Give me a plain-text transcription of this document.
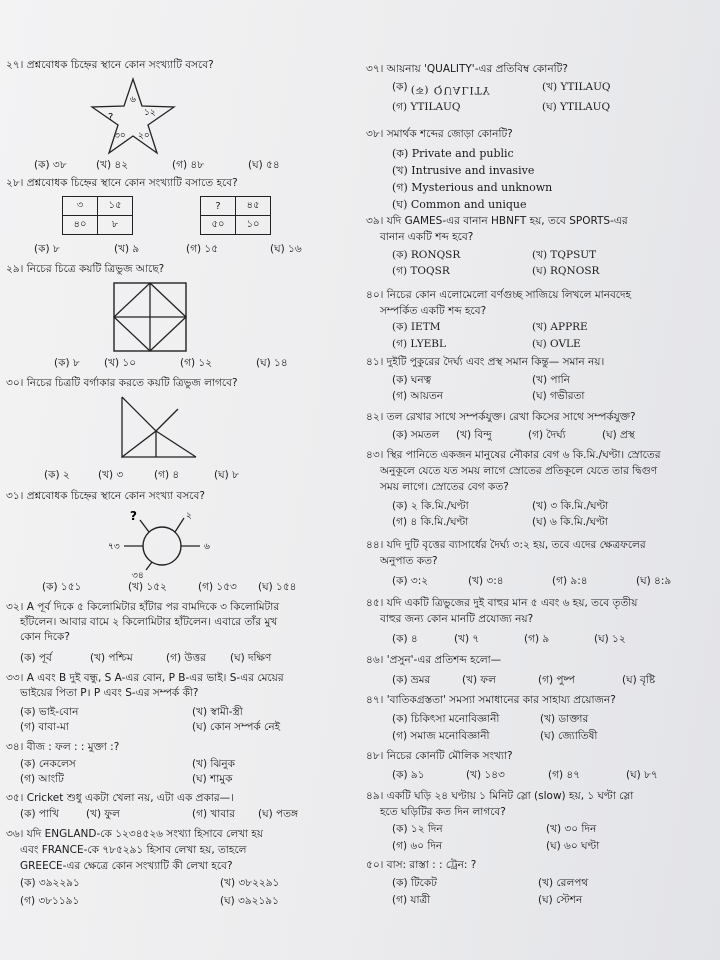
২৭। প্রশ্নবোধক চিহ্নের স্থানে কোন সংখ্যাটি বসবে?
৬
১২
?
৩০ ২০
(ক) ৩৮	(খ) ৪২	(গ) ৪৮	(ঘ) ৫৪
২৮। প্রশ্নবোধক চিহ্নের স্থানে কোন সংখ্যাটি বসাতে হবে?
৩	১৫
৪০	৮
?	৪৫
৫০	১০
(ক) ৮	(খ) ৯	(গ) ১৫	(ঘ) ১৬
২৯। নিচের চিত্রে কয়টি ত্রিভুজ আছে?
(ক) ৮ (খ) ১০	(গ) ১২	(ঘ) ১৪
৩০। নিচের চিত্রটি বর্গাকার করতে কয়টি ত্রিভুজ লাগবে?
(ক) ২	(খ) ৩	(গ) ৪	(ঘ) ৮
৩১। প্রশ্নবোধক চিহ্নের স্থানে কোন সংখ্যা বসবে?
?	২
৬
৭৩
৩৪
(ক) ১৫১	(খ) ১৫২	(গ) ১৫৩ (ঘ) ১৫৪
৩২। A পূর্ব দিকে ৫ কিলোমিটার হাঁটার পর বামদিকে ৩ কিলোমিটার
হাঁটলেন। আবার বামে ২ কিলোমিটার হাঁটলেন। এবারে তাঁর মুখ
কোন দিকে?
(ক) পূর্ব	(খ) পশ্চিম	(গ) উত্তর (ঘ) দক্ষিণ
৩৩। A এবং B দুই বন্ধু, S A-এর বোন, P B-এর ভাই। S-এর মেয়ের
ভাইয়ের পিতা P। P এবং S-এর সম্পর্ক কী?
(ক) ভাই-বোন	(খ) স্বামী-স্ত্রী
(গ) বাবা-মা	(ঘ) কোন সম্পর্ক নেই
৩৪। বীজ : ফল : : মুক্তা :?
(ক) নেকলেস	(খ) ঝিনুক
(গ) আংটি	(ঘ) শামুক
৩৫। Cricket শুধু একটা খেলা নয়, এটা এক প্রকার—।
(ক) পাখি	(খ) ফুল	(গ) খাবার (ঘ) পতঙ্গ
৩৬। যদি ENGLAND-কে ১২৩৪৫২৬ সংখ্যা হিসাবে লেখা হয়
এবং FRANCE-কে ৭৮৫২৯১ হিসাব লেখা হয়, তাহলে
GREECE-এর ক্ষেত্রে কোন সংখ্যাটি কী লেখা হবে?
(ক) ৩৯২২৯১	(খ) ৩৮২২৯১
(গ) ৩৮১১৯১	(ঘ) ৩৯২১৯১
৩৭। আয়নায় 'QUALITY'-এর প্রতিবিম্ব কোনটি?
(ক) (ক) QUALITY	(খ) YTILAUQ
(গ) YTILAUQ	(ঘ) YTILAUQ
৩৮। সমার্থক শব্দের জোড়া কোনটি?
(ক) Private and public
(খ) Intrusive and invasive
(গ) Mysterious and unknown
(ঘ) Common and unique
৩৯। যদি GAMES-এর বানান HBNFT হয়, তবে SPORTS-এর
বানান একটি শব্দ হবে?
(ক) RONQSR	(খ) TQPSUT
(গ) TOQSR	(ঘ) RQNOSR
৪০। নিচের কোন এলোমেলো বর্ণগুচ্ছ সাজিয়ে লিখলে মানবদেহ
সম্পর্কিত একটি শব্দ হবে?
(ক) IETM	(খ) APPRE
(গ) LYEBL	(ঘ) OVLE
৪১। দুইটি পুকুরের দৈর্ঘ্য এবং প্রস্থ সমান কিন্তু— সমান নয়।
(ক) ঘনত্ব	(খ) পানি
(গ) আয়তন	(ঘ) গভীরতা
৪২। তল রেখার সাথে সম্পর্কযুক্ত। রেখা কিসের সাথে সম্পর্কযুক্ত?
(ক) সমতল (খ) বিন্দু	(গ) দৈর্ঘ্য	(ঘ) প্রস্থ
৪৩। স্থির পানিতে একজন মানুষের নৌকার বেগ ৬ কি.মি./ঘণ্টা। স্রোতের
অনুকূলে যেতে যত সময় লাগে স্রোতের প্রতিকূলে যেতে তার দ্বিগুণ
সময় লাগে। স্রোতের বেগ কত?
(ক) ২ কি.মি./ঘণ্টা	(খ) ৩ কি.মি./ঘণ্টা
(গ) ৪ কি.মি./ঘণ্টা	(ঘ) ৬ কি.মি./ঘণ্টা
৪৪। যদি দুটি বৃত্তের ব্যাসার্ধের দৈর্ঘ্য ৩:২ হয়, তবে এদের ক্ষেত্রফলের
অনুপাত কত?
(ক) ৩:২	(খ) ৩:৪	(গ) ৯:৪	(ঘ) ৪:৯
৪৫। যদি একটি ত্রিভুজের দুই বাহুর মান ৫ এবং ৬ হয়, তবে তৃতীয়
বাহুর জন্য কোন মানটি প্রযোজ্য নয়?
(ক) ৪	(খ) ৭	(গ) ৯	(ঘ) ১২
৪৬। 'প্রসুন'-এর প্রতিশব্দ হলো—
(ক) ভ্রমর	(খ) ফল	(গ) পুষ্প	(ঘ) বৃষ্টি
৪৭। 'বাতিকগ্রস্ততা' সমস্যা সমাধানের কার সাহায্য প্রয়োজন?
(ক) চিকিৎসা মনোবিজ্ঞানী	(খ) ডাক্তার
(গ) সমাজ মনোবিজ্ঞানী	(ঘ) জ্যোতিষী
৪৮। নিচের কোনটি মৌলিক সংখ্যা?
(ক) ৯১	(খ) ১৪৩	(গ) ৪৭	(ঘ) ৮৭
৪৯। একটি ঘড়ি ২৪ ঘণ্টায় ১ মিনিট স্লো (slow) হয়, ১ ঘণ্টা স্লো
হতে ঘড়িটির কত দিন লাগবে?
(ক) ১২ দিন	(খ) ৩০ দিন
(গ) ৬০ দিন	(ঘ) ৬০ ঘণ্টা
৫০। বাস: রাস্তা : : ট্রেন: ?
(ক) টিকেট	(খ) রেলপথ
(গ) যাত্রী	(ঘ) স্টেশন
